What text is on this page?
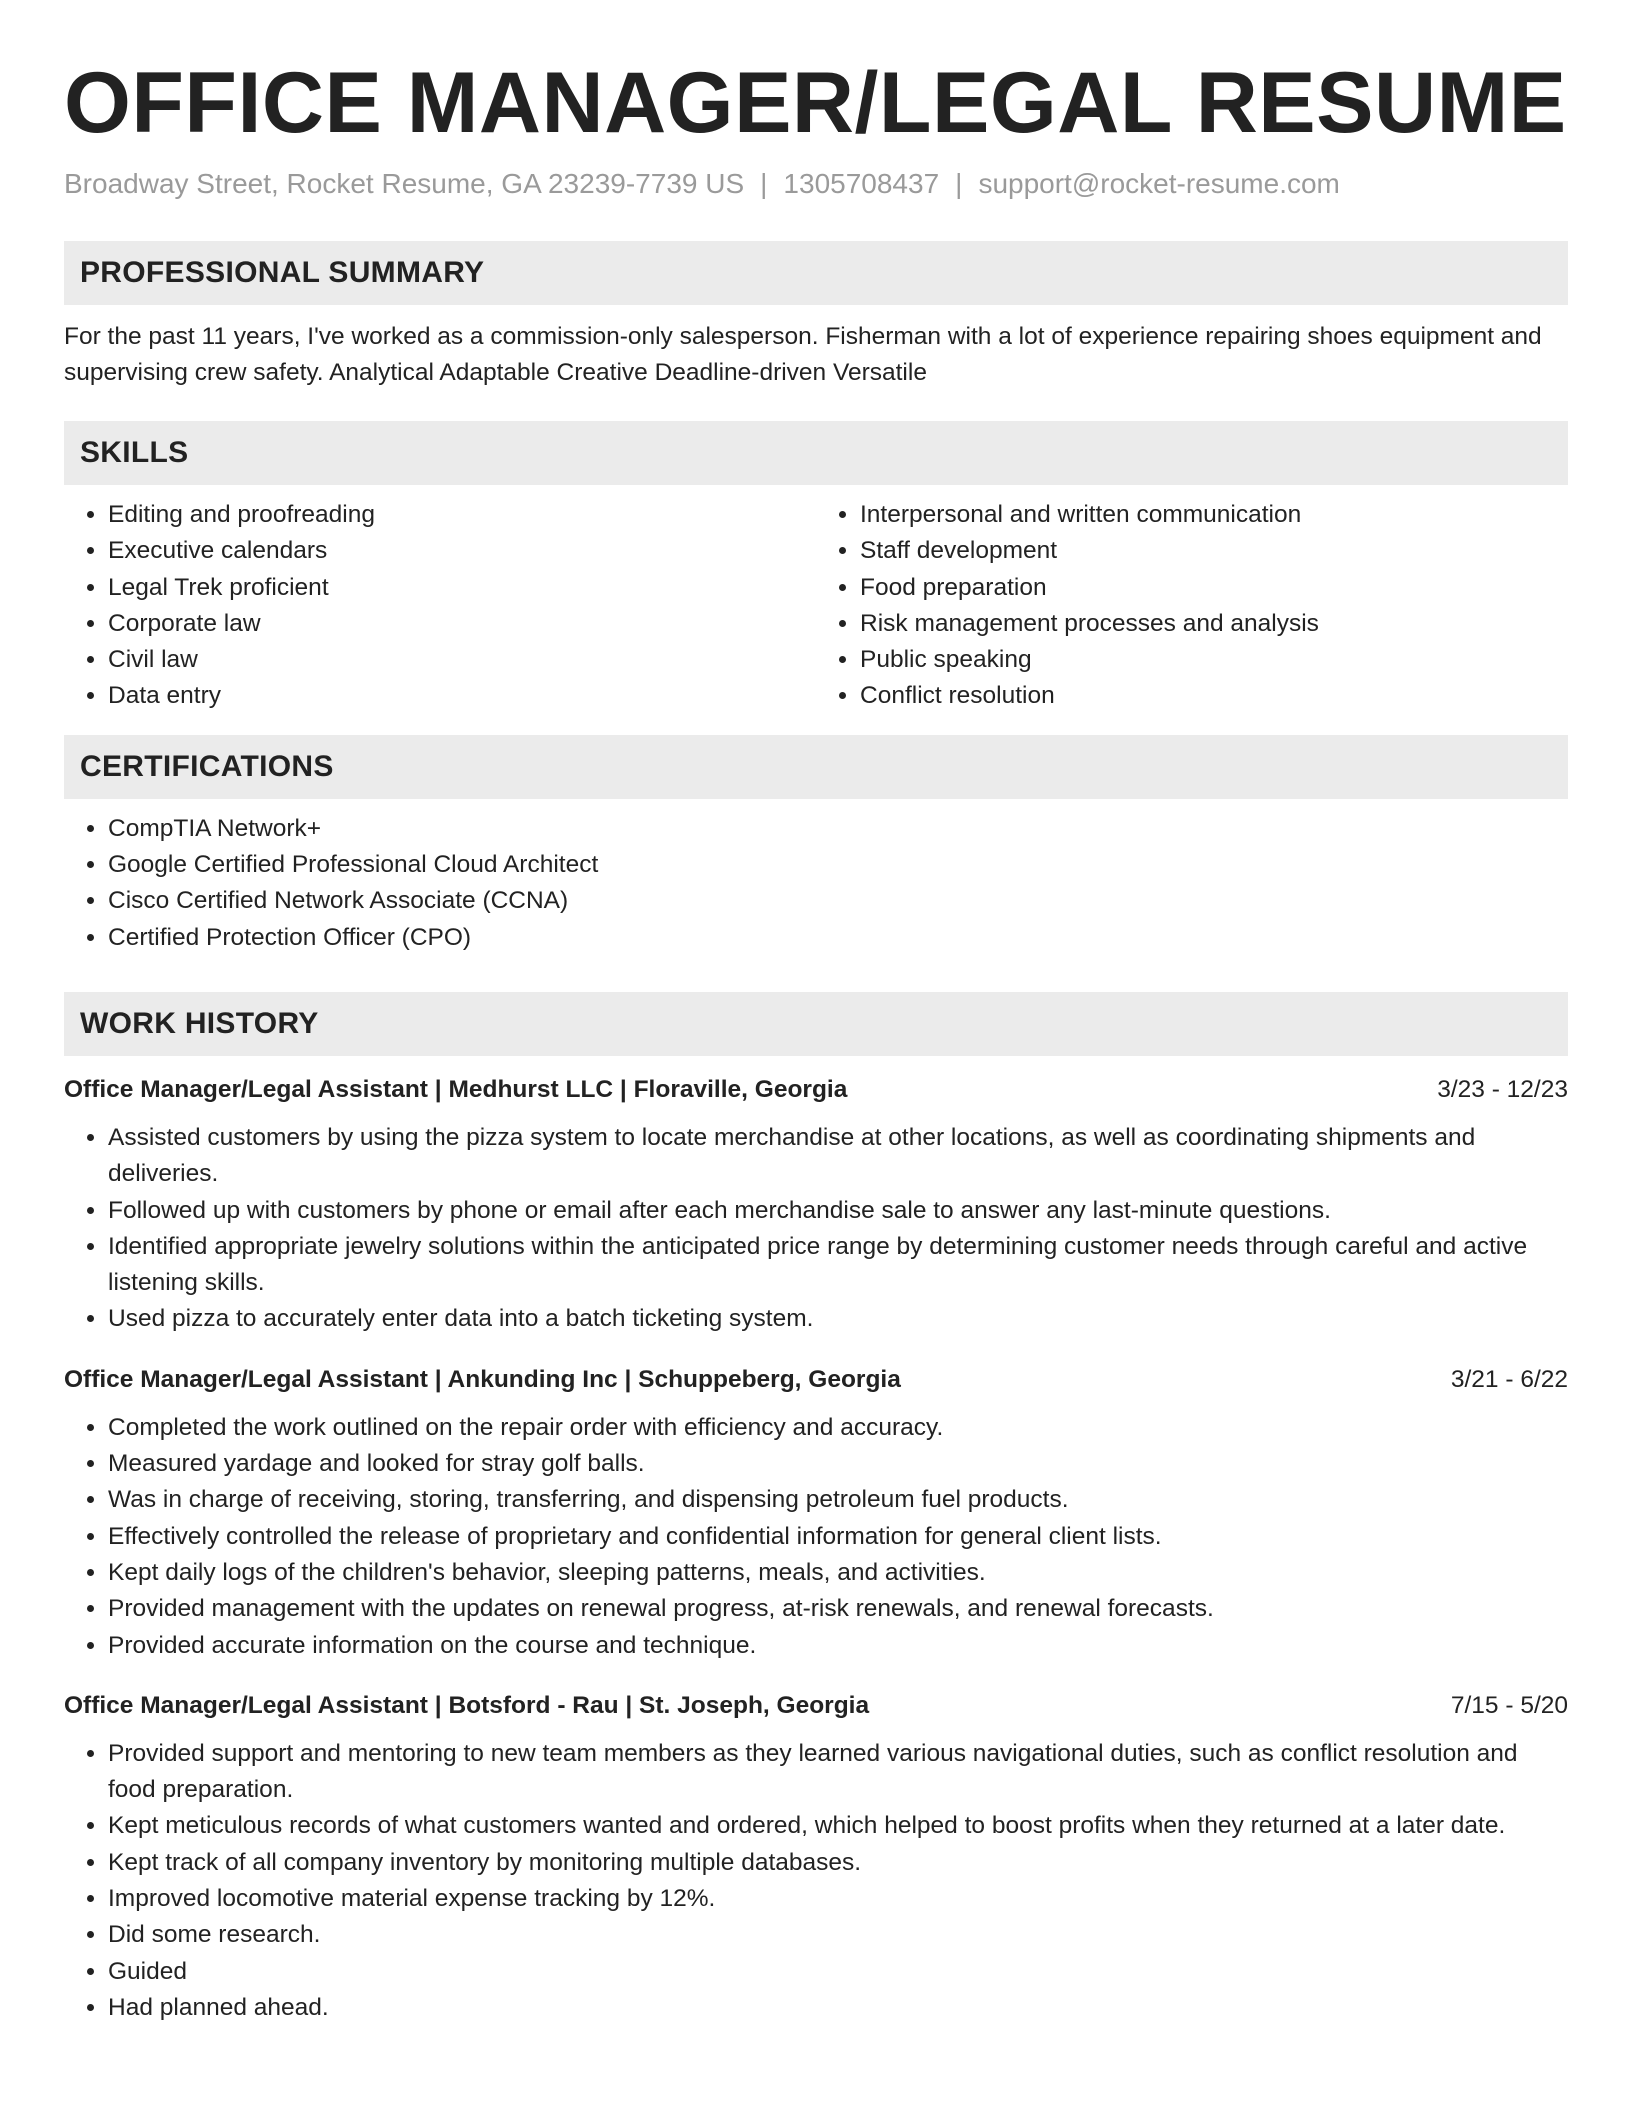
OFFICE MANAGER/LEGAL RESUME
Broadway Street, Rocket Resume, GA 23239-7739 US | 1305708437 | support@rocket-resume.com
PROFESSIONAL SUMMARY

For the past 11 years, I've worked as a commission-only salesperson. Fisherman with a lot of experience repairing shoes equipment and supervising crew safety. Analytical Adaptable Creative Deadline-driven Versatile

SKILLS
• Editing and proofreading
• Executive calendars
• Legal Trek proficient
• Corporate law
• Civil law
• Data entry
• Interpersonal and written communication
• Staff development
• Food preparation
• Risk management processes and analysis
• Public speaking
• Conflict resolution
CERTIFICATIONS
• CompTIA Network+
• Google Certified Professional Cloud Architect
• Cisco Certified Network Associate (CCNA)
• Certified Protection Officer (CPO)
WORK HISTORY
Office Manager/Legal Assistant | Medhurst LLC | Floraville, Georgia	3/23 - 12/23
• Assisted customers by using the pizza system to locate merchandise at other locations, as well as coordinating shipments and deliveries.
• Followed up with customers by phone or email after each merchandise sale to answer any last-minute questions.
• Identified appropriate jewelry solutions within the anticipated price range by determining customer needs through careful and active listening skills.
• Used pizza to accurately enter data into a batch ticketing system.
Office Manager/Legal Assistant | Ankunding Inc | Schuppeberg, Georgia	3/21 - 6/22
• Completed the work outlined on the repair order with efficiency and accuracy.
• Measured yardage and looked for stray golf balls.
• Was in charge of receiving, storing, transferring, and dispensing petroleum fuel products.
• Effectively controlled the release of proprietary and confidential information for general client lists.
• Kept daily logs of the children's behavior, sleeping patterns, meals, and activities.
• Provided management with the updates on renewal progress, at-risk renewals, and renewal forecasts.
• Provided accurate information on the course and technique.
Office Manager/Legal Assistant | Botsford - Rau | St. Joseph, Georgia	7/15 - 5/20
• Provided support and mentoring to new team members as they learned various navigational duties, such as conflict resolution and food preparation.
• Kept meticulous records of what customers wanted and ordered, which helped to boost profits when they returned at a later date.
• Kept track of all company inventory by monitoring multiple databases.
• Improved locomotive material expense tracking by 12%.
• Did some research.
• Guided
• Had planned ahead.
